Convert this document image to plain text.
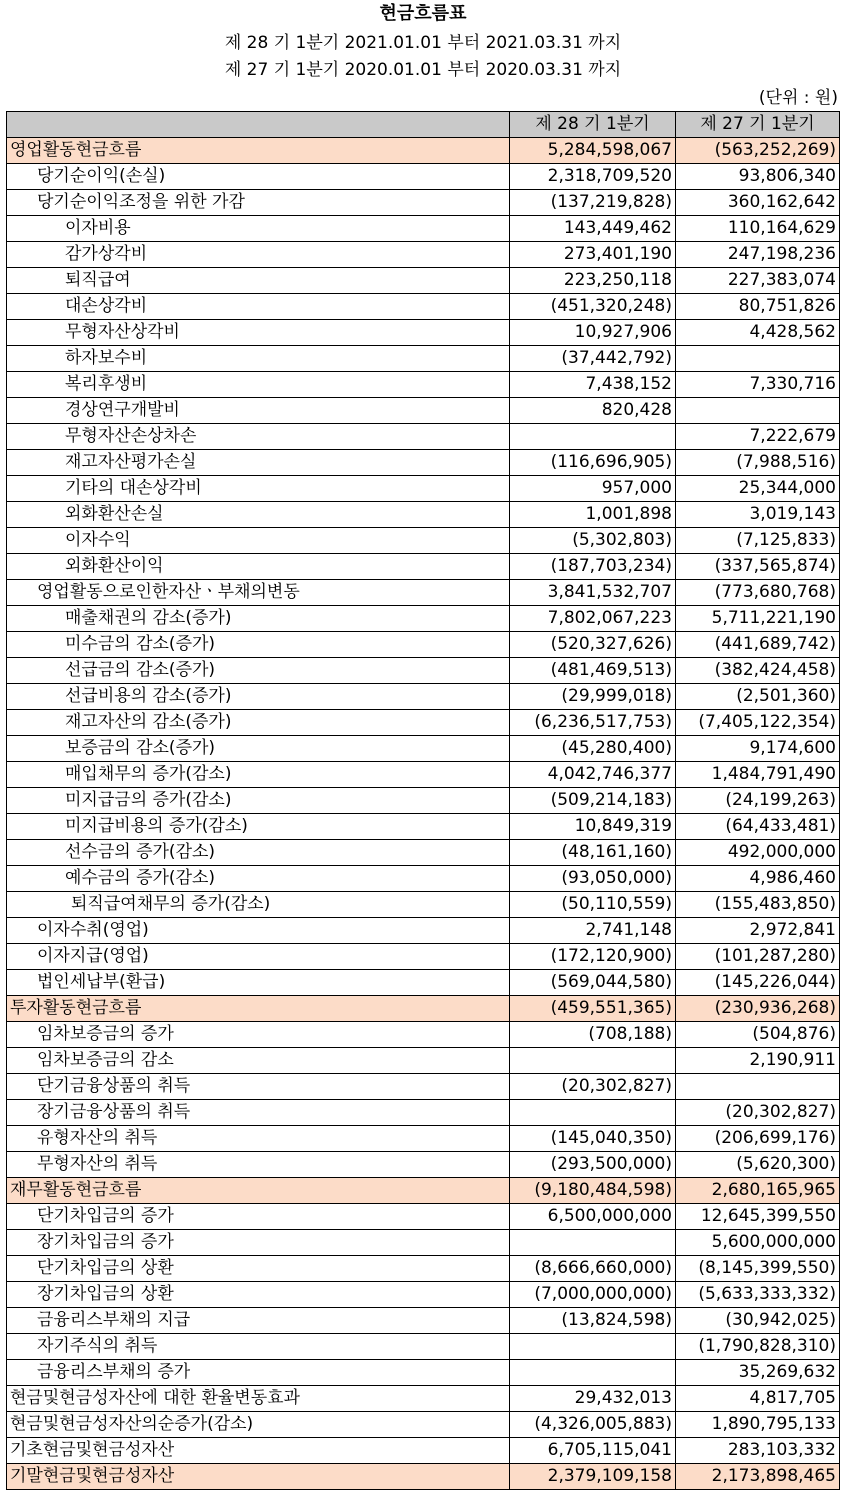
현금흐름표
제 28 기 1분기 2021.01.01 부터 2021.03.31 까지
제 27 기 1분기 2020.01.01 부터 2020.03.31 까지
(단위 : 원)
	제 28 기 1분기	제 27 기 1분기
영업활동현금흐름	5,284,598,067	(563,252,269)
당기순이익(손실)	2,318,709,520	93,806,340
당기순이익조정을 위한 가감	(137,219,828)	360,162,642
이자비용	143,449,462	110,164,629
감가상각비	273,401,190	247,198,236
퇴직급여	223,250,118	227,383,074
대손상각비	(451,320,248)	80,751,826
무형자산상각비	10,927,906	4,428,562
하자보수비	(37,442,792)	
복리후생비	7,438,152	7,330,716
경상연구개발비	820,428	
무형자산손상차손		7,222,679
재고자산평가손실	(116,696,905)	(7,988,516)
기타의 대손상각비	957,000	25,344,000
외화환산손실	1,001,898	3,019,143
이자수익	(5,302,803)	(7,125,833)
외화환산이익	(187,703,234)	(337,565,874)
영업활동으로인한자산ㆍ부채의변동	3,841,532,707	(773,680,768)
매출채권의 감소(증가)	7,802,067,223	5,711,221,190
미수금의 감소(증가)	(520,327,626)	(441,689,742)
선급금의 감소(증가)	(481,469,513)	(382,424,458)
선급비용의 감소(증가)	(29,999,018)	(2,501,360)
재고자산의 감소(증가)	(6,236,517,753)	(7,405,122,354)
보증금의 감소(증가)	(45,280,400)	9,174,600
매입채무의 증가(감소)	4,042,746,377	1,484,791,490
미지급금의 증가(감소)	(509,214,183)	(24,199,263)
미지급비용의 증가(감소)	10,849,319	(64,433,481)
선수금의 증가(감소)	(48,161,160)	492,000,000
예수금의 증가(감소)	(93,050,000)	4,986,460
퇴직급여채무의 증가(감소)	(50,110,559)	(155,483,850)
이자수취(영업)	2,741,148	2,972,841
이자지급(영업)	(172,120,900)	(101,287,280)
법인세납부(환급)	(569,044,580)	(145,226,044)
투자활동현금흐름	(459,551,365)	(230,936,268)
임차보증금의 증가	(708,188)	(504,876)
임차보증금의 감소		2,190,911
단기금융상품의 취득	(20,302,827)	
장기금융상품의 취득		(20,302,827)
유형자산의 취득	(145,040,350)	(206,699,176)
무형자산의 취득	(293,500,000)	(5,620,300)
재무활동현금흐름	(9,180,484,598)	2,680,165,965
단기차입금의 증가	6,500,000,000	12,645,399,550
장기차입금의 증가		5,600,000,000
단기차입금의 상환	(8,666,660,000)	(8,145,399,550)
장기차입금의 상환	(7,000,000,000)	(5,633,333,332)
금융리스부채의 지급	(13,824,598)	(30,942,025)
자기주식의 취득		(1,790,828,310)
금융리스부채의 증가		35,269,632
현금및현금성자산에 대한 환율변동효과	29,432,013	4,817,705
현금및현금성자산의순증가(감소)	(4,326,005,883)	1,890,795,133
기초현금및현금성자산	6,705,115,041	283,103,332
기말현금및현금성자산	2,379,109,158	2,173,898,465
